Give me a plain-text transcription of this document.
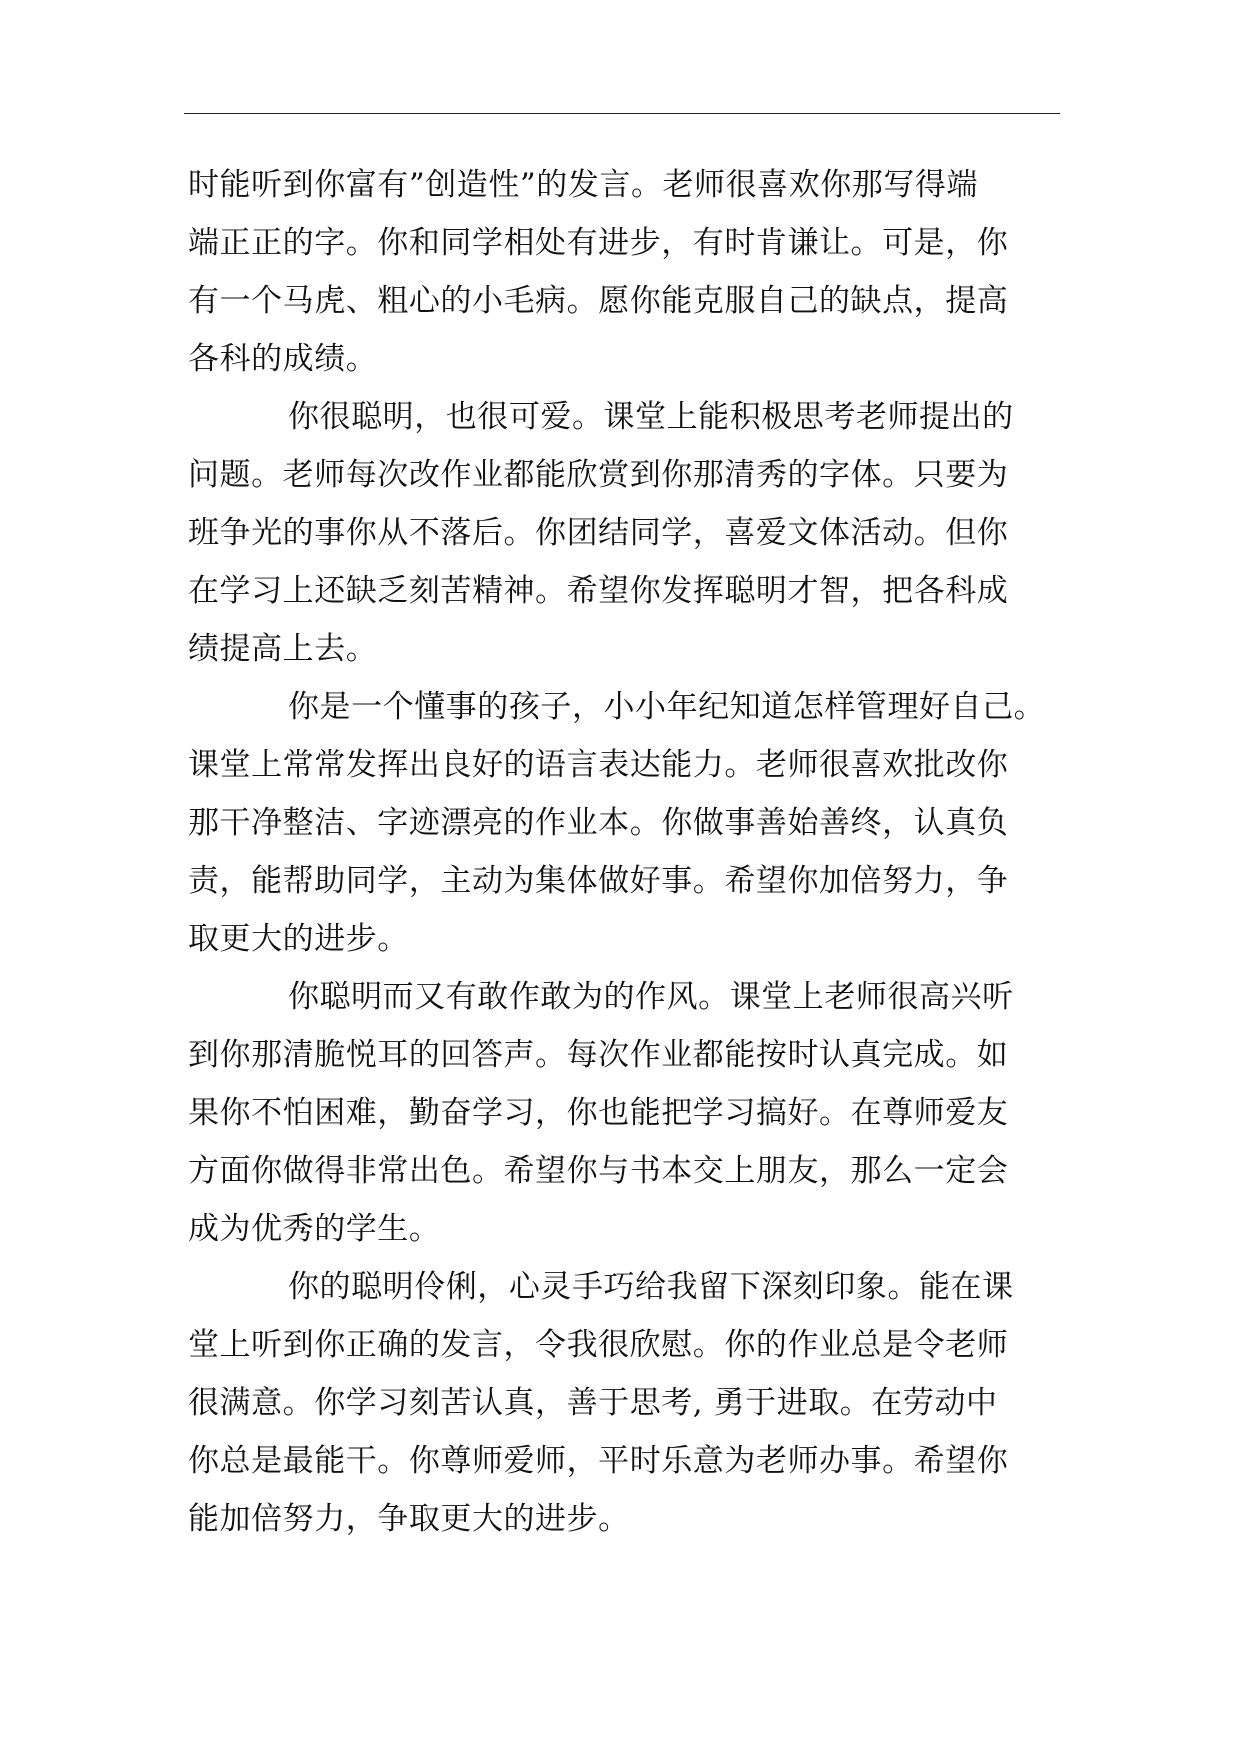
时能听到你富有”创造性”的发言。老师很喜欢你那写得端
端正正的字。你和同学相处有进步，有时肯谦让。可是，你
有一个马虎、粗心的小毛病。愿你能克服自己的缺点，提高
各科的成绩。
你很聪明，也很可爱。课堂上能积极思考老师提出的
问题。老师每次改作业都能欣赏到你那清秀的字体。只要为
班争光的事你从不落后。你团结同学，喜爱文体活动。但你
在学习上还缺乏刻苦精神。希望你发挥聪明才智，把各科成
绩提高上去。
你是一个懂事的孩子，小小年纪知道怎样管理好自己。
课堂上常常发挥出良好的语言表达能力。老师很喜欢批改你
那干净整洁、字迹漂亮的作业本。你做事善始善终，认真负
责，能帮助同学，主动为集体做好事。希望你加倍努力，争
取更大的进步。
你聪明而又有敢作敢为的作风。课堂上老师很高兴听
到你那清脆悦耳的回答声。每次作业都能按时认真完成。如
果你不怕困难，勤奋学习，你也能把学习搞好。在尊师爱友
方面你做得非常出色。希望你与书本交上朋友，那么一定会
成为优秀的学生。
你的聪明伶俐，心灵手巧给我留下深刻印象。能在课
堂上听到你正确的发言，令我很欣慰。你的作业总是令老师
很满意。你学习刻苦认真，善于思考, 勇于进取。在劳动中
你总是最能干。你尊师爱师，平时乐意为老师办事。希望你
能加倍努力，争取更大的进步。
